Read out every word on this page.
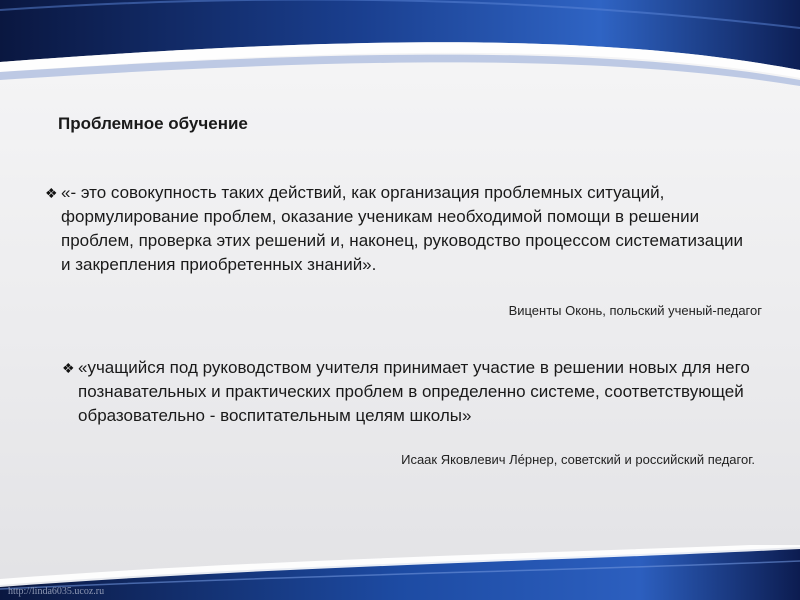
Проблемное обучение
❖ «- это совокупность таких действий, как организация проблемных ситуаций, формулирование проблем, оказание ученикам необходимой помощи в решении проблем, проверка этих решений и, наконец, руководство процессом систематизации и закрепления приобретенных знаний».
Виценты Оконь, польский ученый-педагог
❖ «учащийся под руководством учителя принимает участие в решении новых для него познавательных и практических проблем в определенно системе, соответствующей образовательно - воспитательным целям школы»
Исаак Яковлевич Ле́рнер, советский и российский педагог.
http://linda6035.ucoz.ru
